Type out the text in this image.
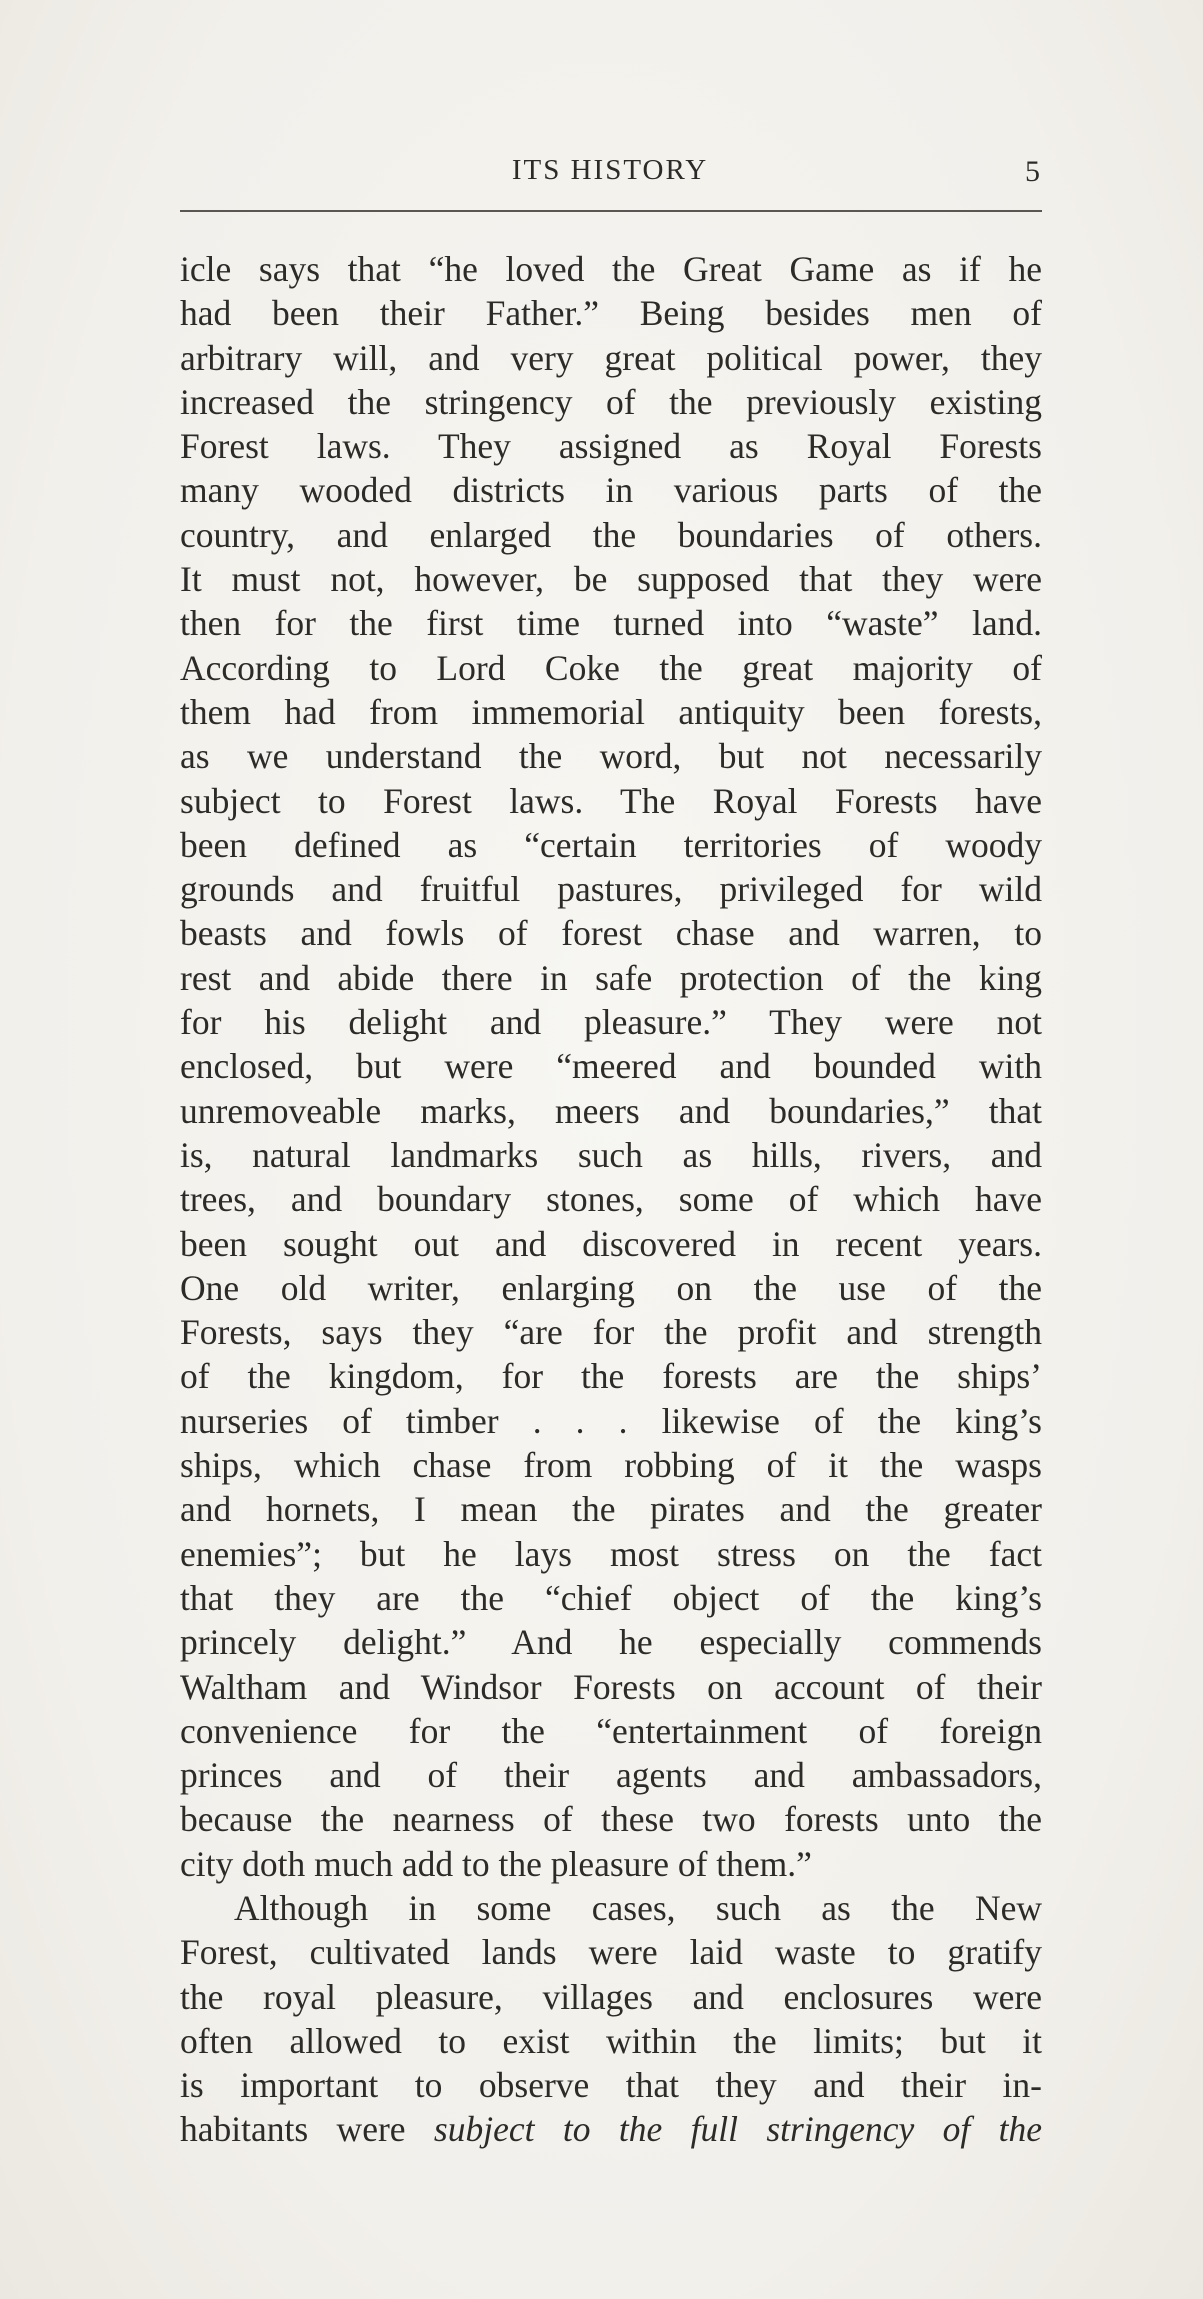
ITS HISTORY	5
icle says that “he loved the Great Game as if he
had been their Father.” Being besides men of
arbitrary will, and very great political power, they
increased the stringency of the previously existing
Forest laws. They assigned as Royal Forests
many wooded districts in various parts of the
country, and enlarged the boundaries of others.
It must not, however, be supposed that they were
then for the first time turned into “waste” land.
According to Lord Coke the great majority of
them had from immemorial antiquity been forests,
as we understand the word, but not necessarily
subject to Forest laws. The Royal Forests have
been defined as “certain territories of woody
grounds and fruitful pastures, privileged for wild
beasts and fowls of forest chase and warren, to
rest and abide there in safe protection of the king
for his delight and pleasure.” They were not
enclosed, but were “meered and bounded with
unremoveable marks, meers and boundaries,” that
is, natural landmarks such as hills, rivers, and
trees, and boundary stones, some of which have
been sought out and discovered in recent years.
One old writer, enlarging on the use of the
Forests, says they “are for the profit and strength
of the kingdom, for the forests are the ships’
nurseries of timber . . . likewise of the king’s
ships, which chase from robbing of it the wasps
and hornets, I mean the pirates and the greater
enemies”; but he lays most stress on the fact
that they are the “chief object of the king’s
princely delight.” And he especially commends
Waltham and Windsor Forests on account of their
convenience for the “entertainment of foreign
princes and of their agents and ambassadors,
because the nearness of these two forests unto the
city doth much add to the pleasure of them.”
Although in some cases, such as the New
Forest, cultivated lands were laid waste to gratify
the royal pleasure, villages and enclosures were
often allowed to exist within the limits; but it
is important to observe that they and their in-
habitants were subject to the full stringency of the
